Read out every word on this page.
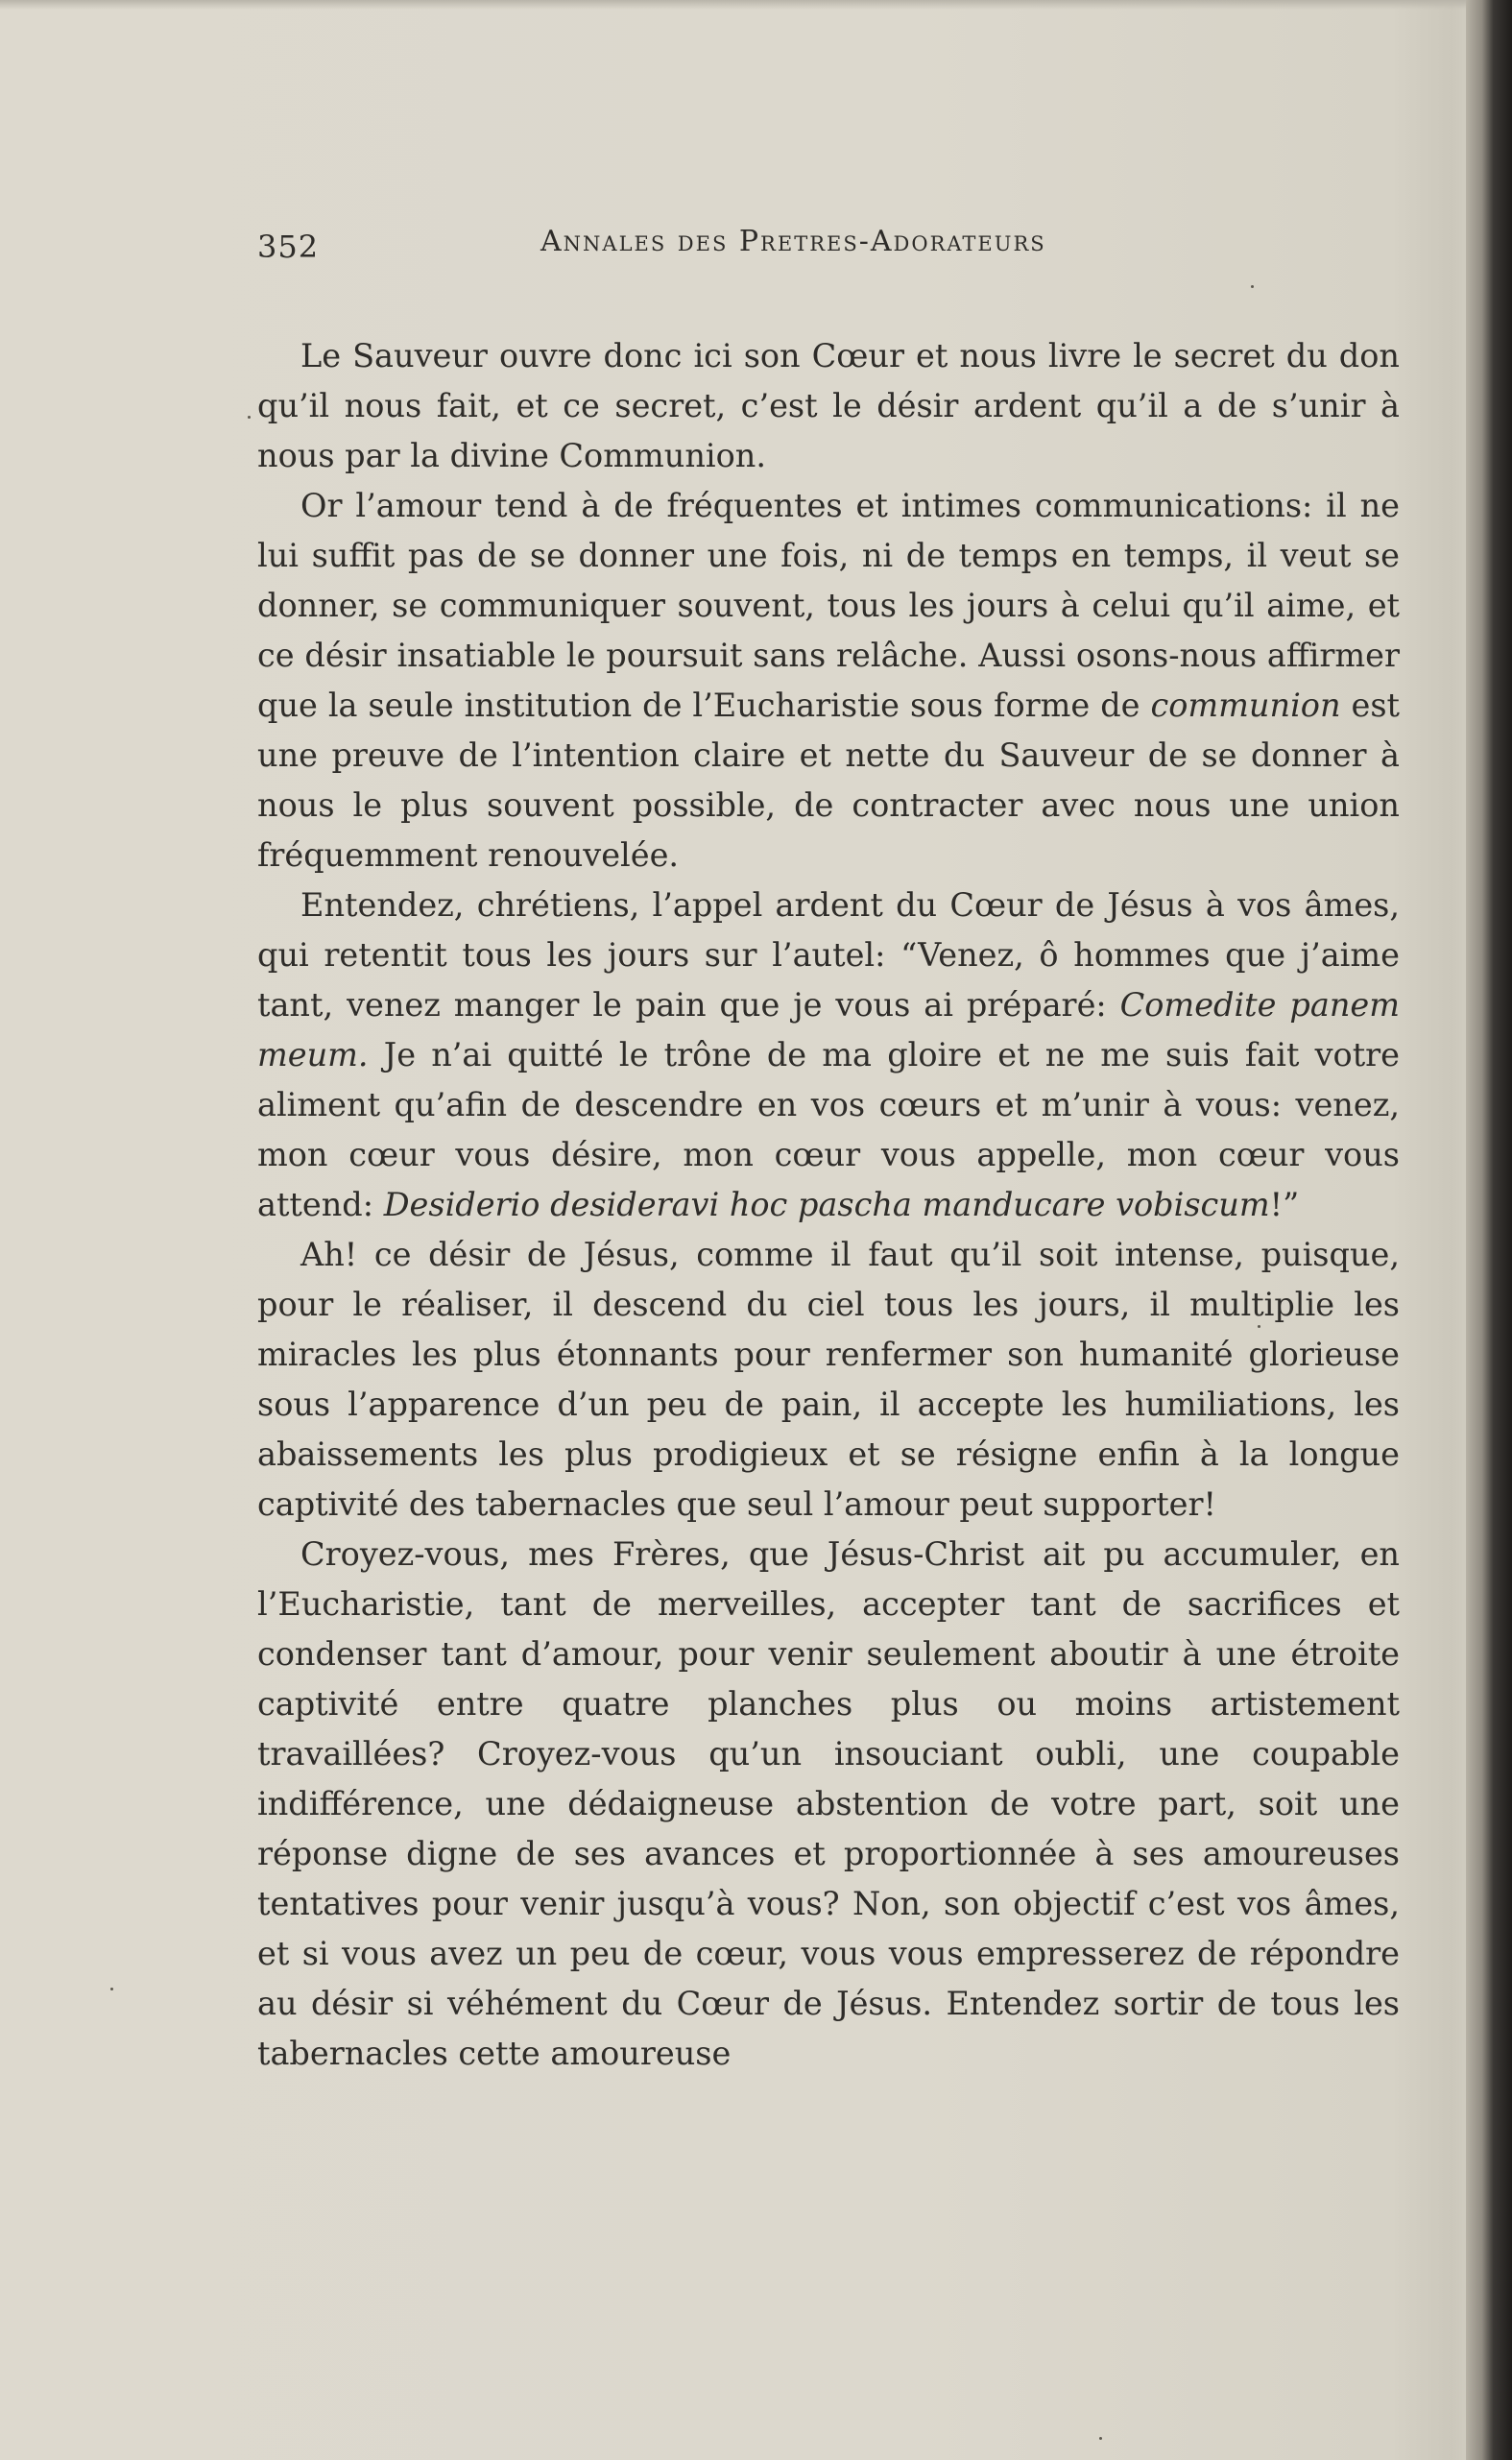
352	Annales des Pretres-Adorateurs

Le Sauveur ouvre donc ici son Cœur et nous livre le secret du don qu’il nous fait, et ce secret, c’est le désir ardent qu’il a de s’unir à nous par la divine Communion.

Or l’amour tend à de fréquentes et intimes communications: il ne lui suffit pas de se donner une fois, ni de temps en temps, il veut se donner, se communiquer souvent, tous les jours à celui qu’il aime, et ce désir insatiable le poursuit sans relâche. Aussi osons-nous affirmer que la seule institution de l’Eucharistie sous forme de communion est une preuve de l’intention claire et nette du Sauveur de se donner à nous le plus souvent possible, de contracter avec nous une union fréquemment renouvelée.

Entendez, chrétiens, l’appel ardent du Cœur de Jésus à vos âmes, qui retentit tous les jours sur l’autel: “Venez, ô hommes que j’aime tant, venez manger le pain que je vous ai préparé: Comedite panem meum. Je n’ai quitté le trône de ma gloire et ne me suis fait votre aliment qu’afin de descendre en vos cœurs et m’unir à vous: venez, mon cœur vous désire, mon cœur vous appelle, mon cœur vous attend: Desiderio desideravi hoc pascha manducare vobiscum!”

Ah! ce désir de Jésus, comme il faut qu’il soit intense, puisque, pour le réaliser, il descend du ciel tous les jours, il multiplie les miracles les plus étonnants pour renfermer son humanité glorieuse sous l’apparence d’un peu de pain, il accepte les humiliations, les abaissements les plus prodigieux et se résigne enfin à la longue captivité des tabernacles que seul l’amour peut supporter!

Croyez-vous, mes Frères, que Jésus-Christ ait pu accumuler, en l’Eucharistie, tant de merveilles, accepter tant de sacrifices et condenser tant d’amour, pour venir seulement aboutir à une étroite captivité entre quatre planches plus ou moins artistement travaillées? Croyez-vous qu’un insouciant oubli, une coupable indifférence, une dédaigneuse abstention de votre part, soit une réponse digne de ses avances et proportionnée à ses amoureuses tentatives pour venir jusqu’à vous? Non, son objectif c’est vos âmes, et si vous avez un peu de cœur, vous vous empresserez de répondre au désir si véhément du Cœur de Jésus. Entendez sortir de tous les tabernacles cette amoureuse
